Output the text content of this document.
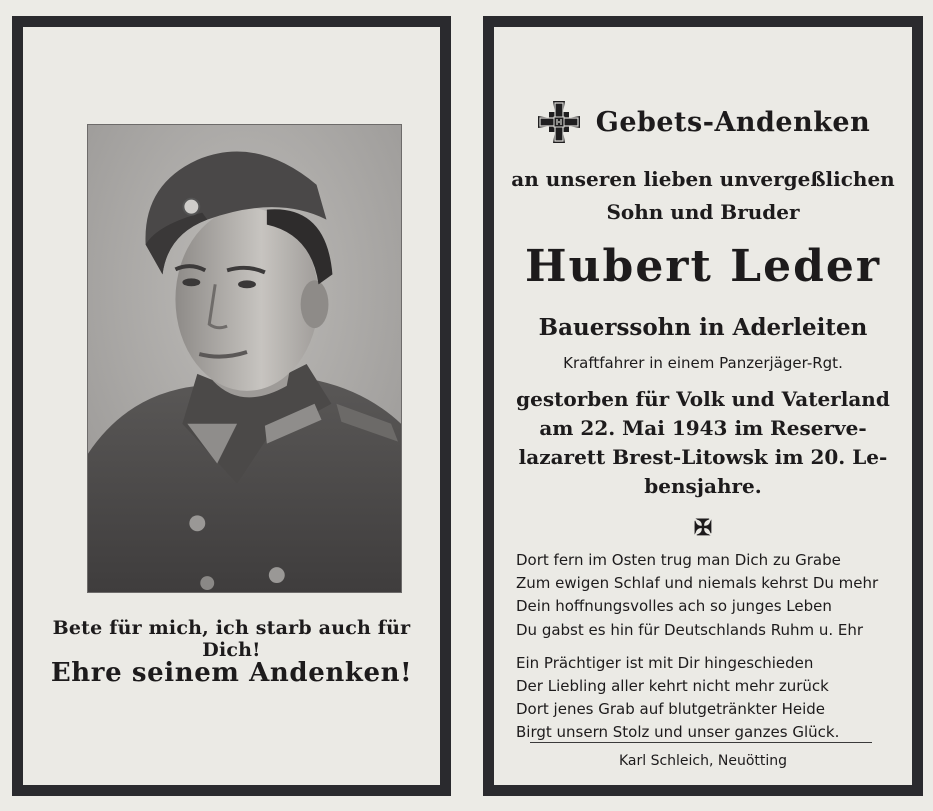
Bete für mich, ich starb auch für Dich!
Ehre seinem Andenken!
Gebets-Andenken
an unseren lieben unvergeßlichen
Sohn und Bruder
Hubert Leder
Bauerssohn in Aderleiten
Kraftfahrer in einem Panzerjäger-Rgt.
gestorben für Volk und Vaterland
am 22. Mai 1943 im Reserve-
lazarett Brest-Litowsk im 20. Le-
bensjahre.
✠
Dort fern im Osten trug man Dich zu Grabe
Zum ewigen Schlaf und niemals kehrst Du mehr
Dein hoffnungsvolles ach so junges Leben
Du gabst es hin für Deutschlands Ruhm u. Ehr
Ein Prächtiger ist mit Dir hingeschieden
Der Liebling aller kehrt nicht mehr zurück
Dort jenes Grab auf blutgetränkter Heide
Birgt unsern Stolz und unser ganzes Glück.
Karl Schleich, Neuötting
